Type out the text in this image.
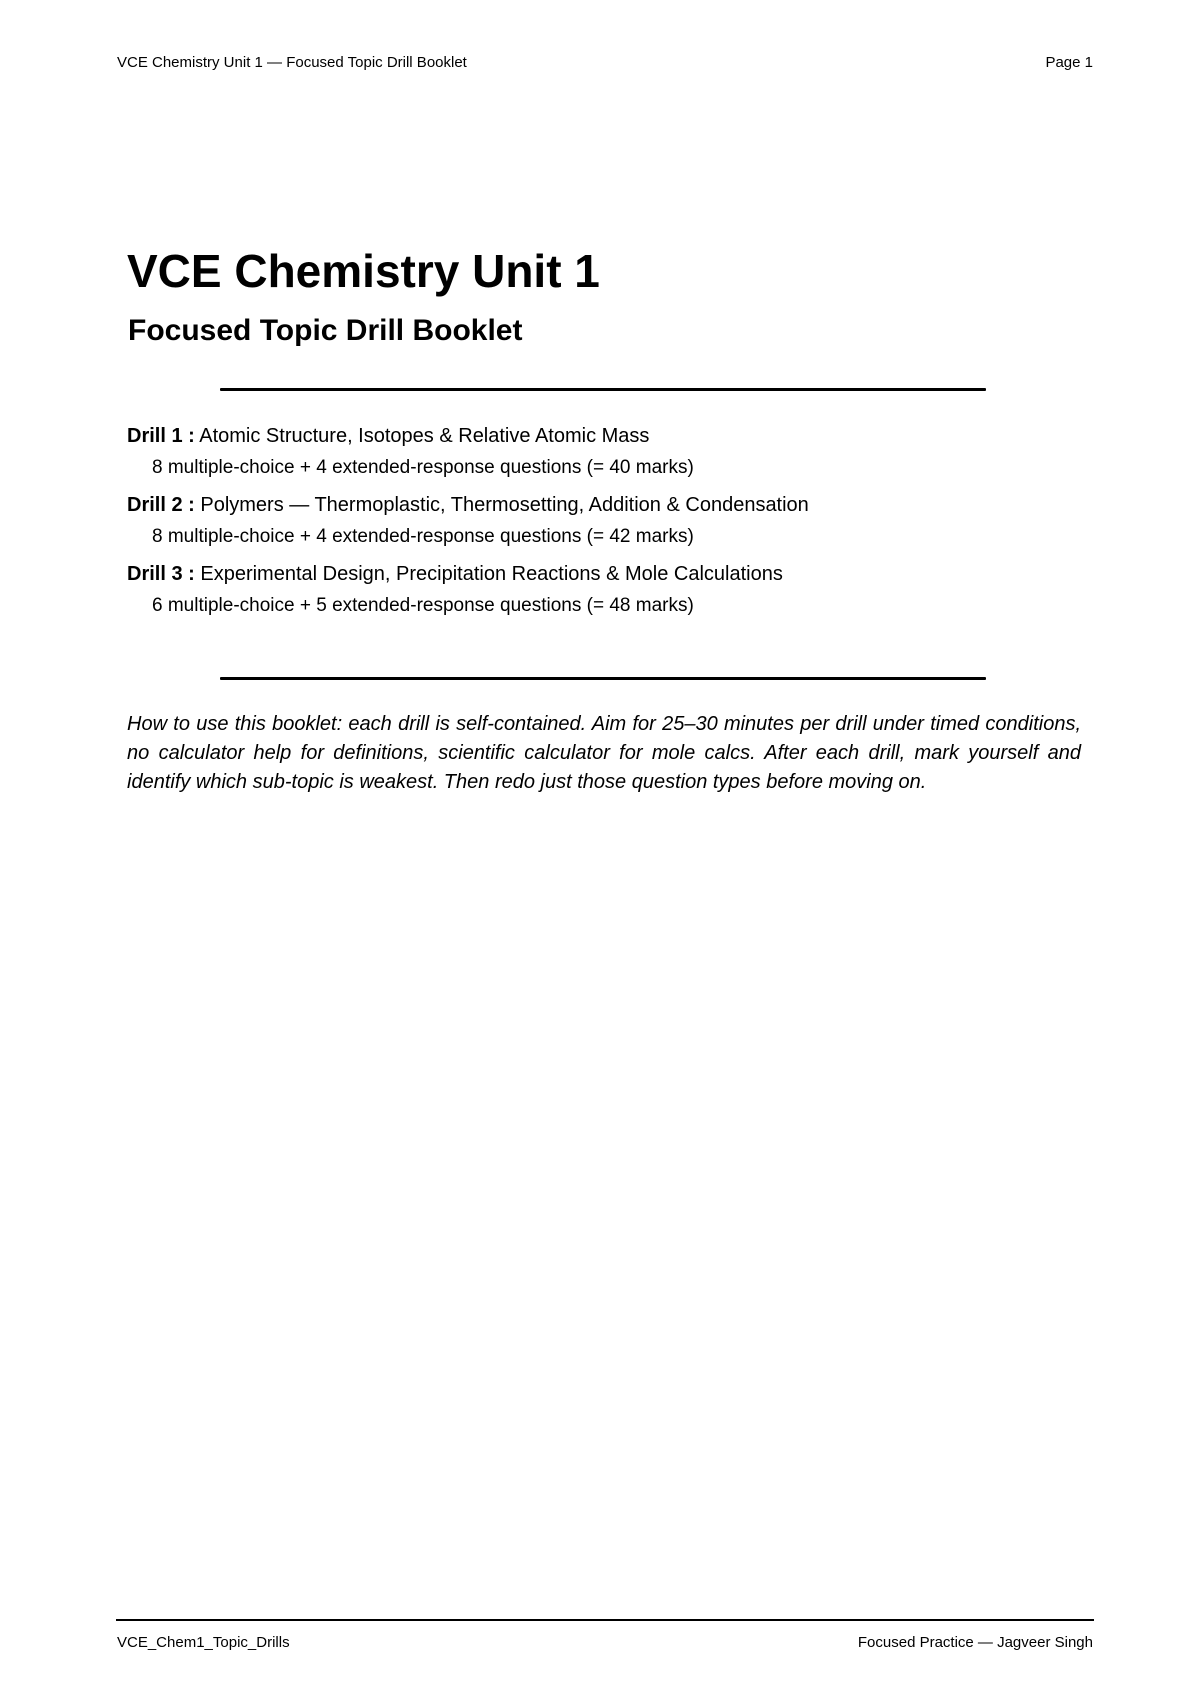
VCE Chemistry Unit 1 — Focused Topic Drill Booklet	Page 1
VCE Chemistry Unit 1
Focused Topic Drill Booklet
Drill 1 : Atomic Structure, Isotopes & Relative Atomic Mass
8 multiple-choice + 4 extended-response questions (= 40 marks)
Drill 2 : Polymers — Thermoplastic, Thermosetting, Addition & Condensation
8 multiple-choice + 4 extended-response questions (= 42 marks)
Drill 3 : Experimental Design, Precipitation Reactions & Mole Calculations
6 multiple-choice + 5 extended-response questions (= 48 marks)

How to use this booklet: each drill is self-contained. Aim for 25–30 minutes per drill under timed conditions, no calculator help for definitions, scientific calculator for mole calcs. After each drill, mark yourself and identify which sub-topic is weakest. Then redo just those question types before moving on.

VCE_Chem1_Topic_Drills	Focused Practice — Jagveer Singh
